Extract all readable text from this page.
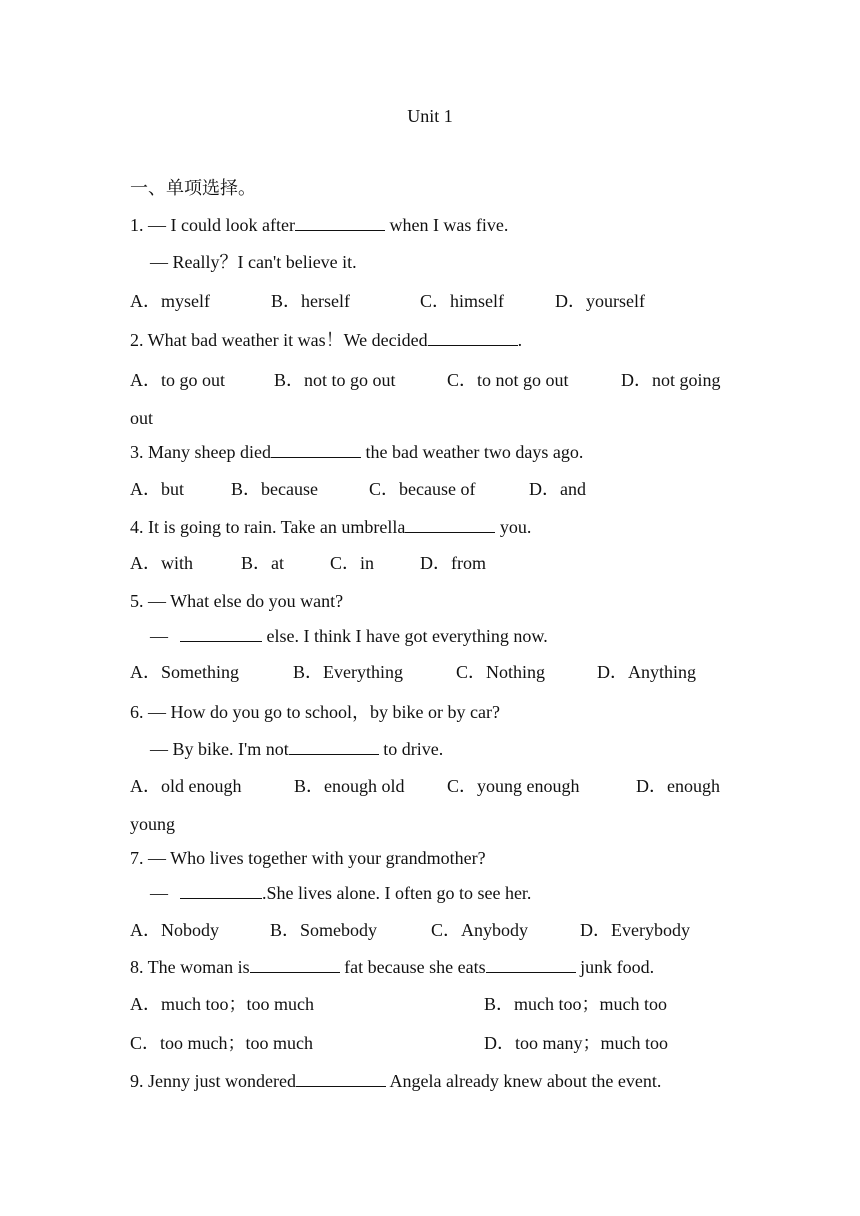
Unit 1
一、单项选择。
1. — I could look after	when I was five.
— Really？I can't believe it.
A．myself	B．herself	C．himself	D．yourself
2. What bad weather it was！We decided	.
A．to go out	B．not to go out	C．to not go out	D．not going
out
3. Many sheep died	the bad weather two days ago.
A．but	B．because	C．because of	D．and
4. It is going to rain. Take an umbrella	you.
A．with	B．at	C．in	D．from
5. — What else do you want?
—	else. I think I have got everything now.
A．Something	B．Everything	C．Nothing	D．Anything
6. — How do you go to school，by bike or by car?
— By bike. I'm not	to drive.
A．old enough	B．enough old C．young enough	D．enough
young
7. — Who lives together with your grandmother?
—	.She lives alone. I often go to see her.
A．Nobody	B．Somebody	C．Anybody	D．Everybody
8. The woman is	fat because she eats	junk food.
A．much too；too much	B．much too；much too
C．too much；too much	D．too many；much too
9. Jenny just wondered	Angela already knew about the event.
